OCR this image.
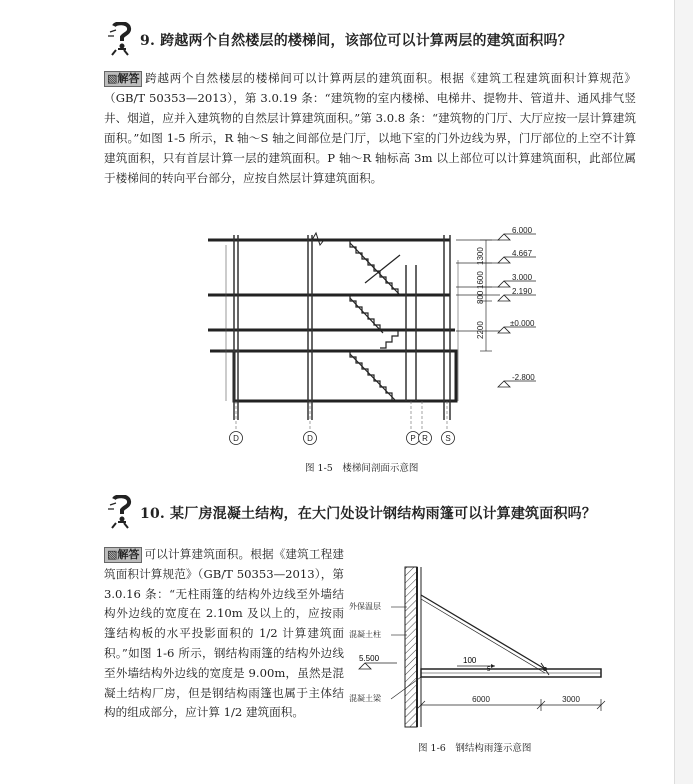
9. 跨越两个自然楼层的楼梯间，该部位可以计算两层的建筑面积吗？
▧解答 跨越两个自然楼层的楼梯间可以计算两层的建筑面积。根据《建筑工程建筑面积计算规范》（GB/T 50353—2013），第 3.0.19 条：“建筑物的室内楼梯、电梯井、提物井、管道井、通风排气竖井、烟道，应并入建筑物的自然层计算建筑面积。”第 3.0.8 条：“建筑物的门厅、大厅应按一层计算建筑面积。”如图 1-5 所示，R 轴～S 轴之间部位是门厅，以地下室的门外边线为界，门厅部位的上空不计算建筑面积，只有首层计算一层的建筑面积。P 轴～R 轴标高 3m 以上部位可以计算建筑面积，此部位属于楼梯间的转向平台部分，应按自然层计算建筑面积。
1300
1600
800
2200
6.000
4.667
3.000
2.190
±0.000
-2.800
D	D	P R S
图 1-5　楼梯间剖面示意图
10. 某厂房混凝土结构，在大门处设计钢结构雨篷可以计算建筑面积吗？
▧解答 可以计算建筑面积。根据《建筑工程建筑面积计算规范》（GB/T 50353—2013），第 3.0.16 条：“无柱雨篷的结构外边线至外墙结构外边线的宽度在 2.10m 及以上的，应按雨篷结构板的水平投影面积的 1/2 计算建筑面积。”如图 1-6 所示，钢结构雨篷的结构外边线至外墙结构外边线的宽度是 9.00m，虽然是混凝土结构厂房，但是钢结构雨篷也属于主体结构的组成部分，应计算 1/2 建筑面积。
100
5
5.500
外保温层
混凝土柱
混凝土梁	6000	3000
图 1-6　钢结构雨篷示意图
